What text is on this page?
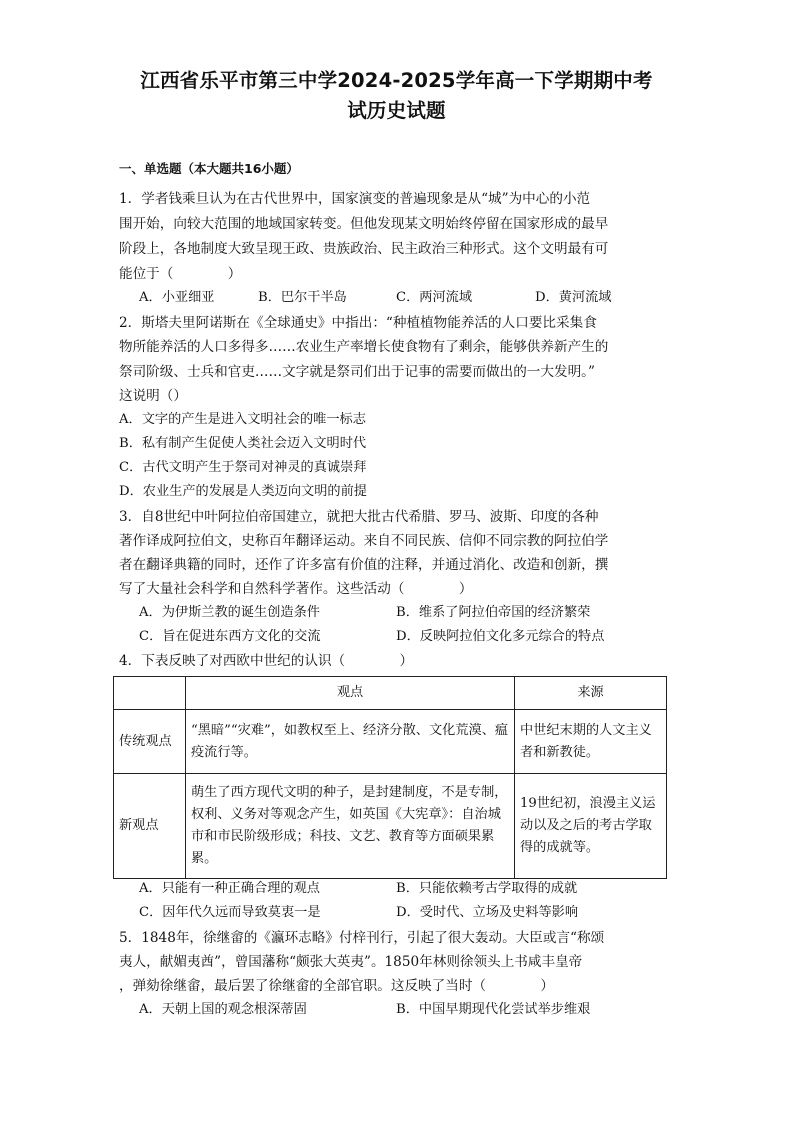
江西省乐平市第三中学2024-2025学年高一下学期期中考
试历史试题
一、单选题（本大题共16小题）
1．学者钱乘旦认为在古代世界中，国家演变的普遍现象是从“城”为中心的小范
围开始，向较大范围的地域国家转变。但他发现某文明始终停留在国家形成的最早
阶段上，各地制度大致呈现王政、贵族政治、民主政治三种形式。这个文明最有可
能位于（　　　　）
A．小亚细亚	B．巴尔干半岛	C．两河流域	D．黄河流域
2．斯塔夫里阿诺斯在《全球通史》中指出：“种植植物能养活的人口要比采集食
物所能养活的人口多得多……农业生产率增长使食物有了剩余，能够供养新产生的
祭司阶级、士兵和官吏……文字就是祭司们出于记事的需要而做出的一大发明。”
这说明（）
A．文字的产生是进入文明社会的唯一标志
B．私有制产生促使人类社会迈入文明时代
C．古代文明产生于祭司对神灵的真诚崇拜
D．农业生产的发展是人类迈向文明的前提
3．自8世纪中叶阿拉伯帝国建立，就把大批古代希腊、罗马、波斯、印度的各种
著作译成阿拉伯文，史称百年翻译运动。来自不同民族、信仰不同宗教的阿拉伯学
者在翻译典籍的同时，还作了许多富有价值的注释，并通过消化、改造和创新，撰
写了大量社会科学和自然科学著作。这些活动（　　　　）
A．为伊斯兰教的诞生创造条件	B．维系了阿拉伯帝国的经济繁荣
C．旨在促进东西方文化的交流	D．反映阿拉伯文化多元综合的特点
4．下表反映了对西欧中世纪的认识（　　　　）
	观点	来源
传统观点	“黑暗”“灾难”，如教权至上、经济分散、文化荒漠、瘟疫流行等。	中世纪末期的人文主义者和新教徒。
新观点	萌生了西方现代文明的种子，是封建制度，不是专制，权利、义务对等观念产生，如英国《大宪章》：自治城市和市民阶级形成；科技、文艺、教育等方面硕果累累。	19世纪初，浪漫主义运动以及之后的考古学取得的成就等。
A．只能有一种正确合理的观点	B．只能依赖考古学取得的成就
C．因年代久远而导致莫衷一是	D．受时代、立场及史料等影响
5．1848年，徐继畲的《瀛环志略》付梓刊行，引起了很大轰动。大臣或言“称颂
夷人，献媚夷酋”，曾国藩称“颇张大英夷”。1850年林则徐领头上书咸丰皇帝
，弹劾徐继畲，最后罢了徐继畲的全部官职。这反映了当时（　　　　）
A．天朝上国的观念根深蒂固	B．中国早期现代化尝试举步维艰
